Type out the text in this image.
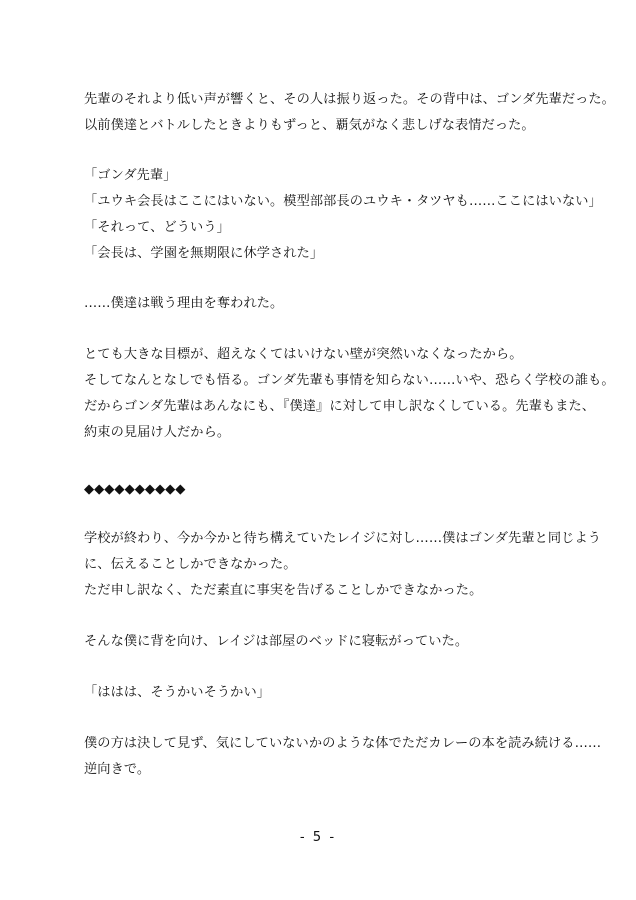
先輩のそれより低い声が響くと、その人は振り返った。その背中は、ゴンダ先輩だった。
以前僕達とバトルしたときよりもずっと、覇気がなく悲しげな表情だった。
「ゴンダ先輩」
「ユウキ会長はここにはいない。模型部部長のユウキ・タツヤも……ここにはいない」
「それって、どういう」
「会長は、学園を無期限に休学された」
……僕達は戦う理由を奪われた。
とても大きな目標が、超えなくてはいけない壁が突然いなくなったから。
そしてなんとなしでも悟る。ゴンダ先輩も事情を知らない……いや、恐らく学校の誰も。
だからゴンダ先輩はあんなにも、『僕達』に対して申し訳なくしている。先輩もまた、
約束の見届け人だから。
◆◆◆◆◆◆◆◆◆◆
学校が終わり、今か今かと待ち構えていたレイジに対し……僕はゴンダ先輩と同じよう
に、伝えることしかできなかった。
ただ申し訳なく、ただ素直に事実を告げることしかできなかった。
そんな僕に背を向け、レイジは部屋のベッドに寝転がっていた。
「ははは、そうかいそうかい」
僕の方は決して見ず、気にしていないかのような体でただカレーの本を読み続ける……
逆向きで。
- 5 -
